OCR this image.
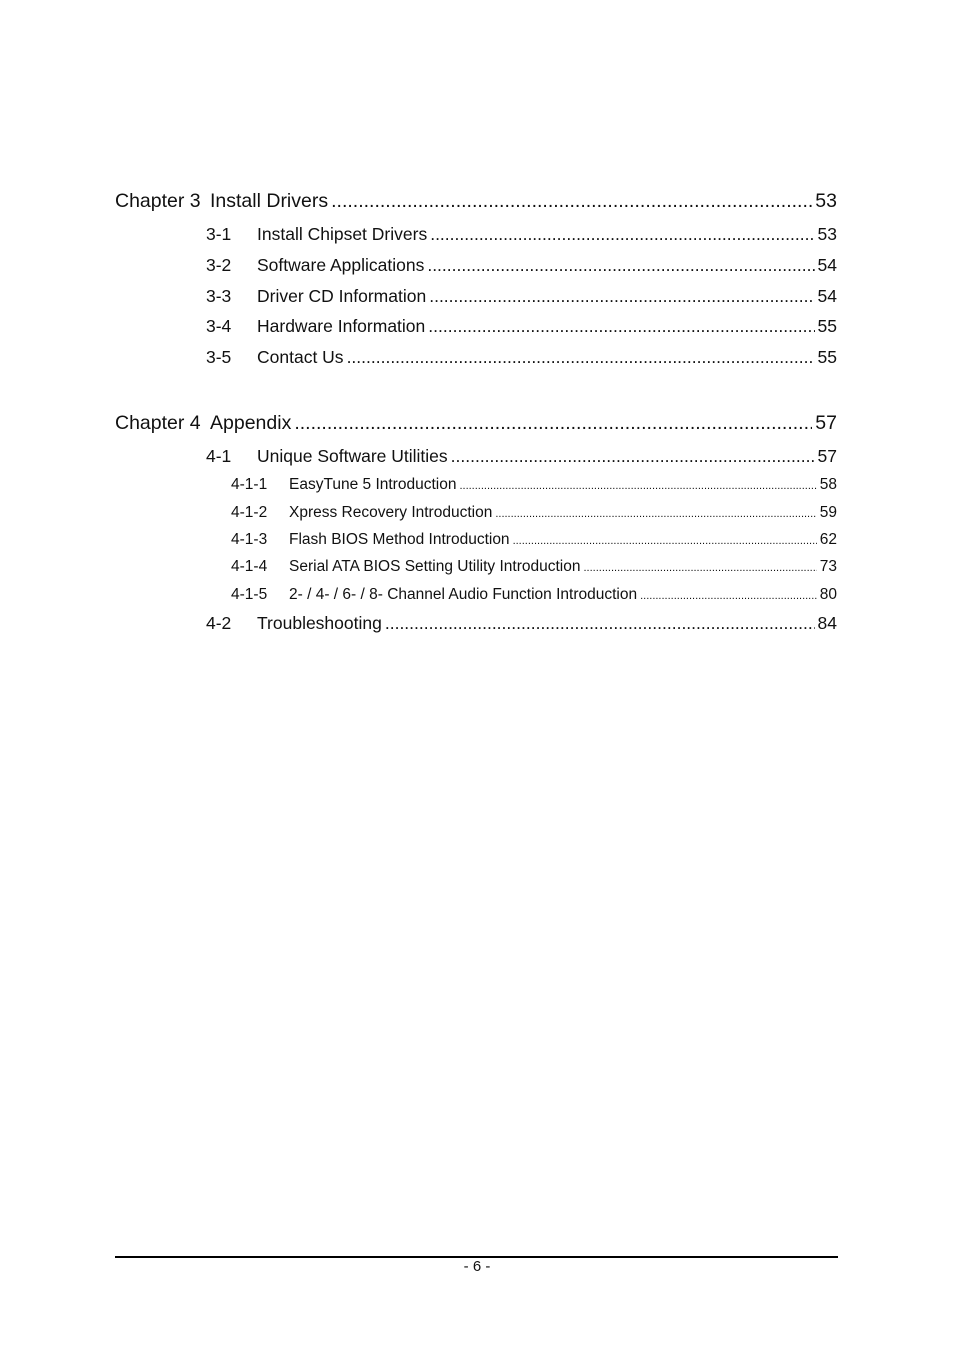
Chapter 3 Install Drivers .....	53
3-1	Install Chipset Drivers .....	53
3-2	Software Applications .....	54
3-3	Driver CD Information .....	54
3-4	Hardware Information .....	55
3-5	Contact Us .....	55
Chapter 4 Appendix .....	57
4-1	Unique Software Utilities .....	57
4-1-1	EasyTune 5 Introduction .....	58
4-1-2	Xpress Recovery Introduction .....	59
4-1-3	Flash BIOS Method Introduction .....	62
4-1-4	Serial ATA BIOS Setting Utility Introduction .....	73
4-1-5	2- / 4- / 6- / 8- Channel Audio Function Introduction .....	80
4-2	Troubleshooting .....	84
- 6 -
